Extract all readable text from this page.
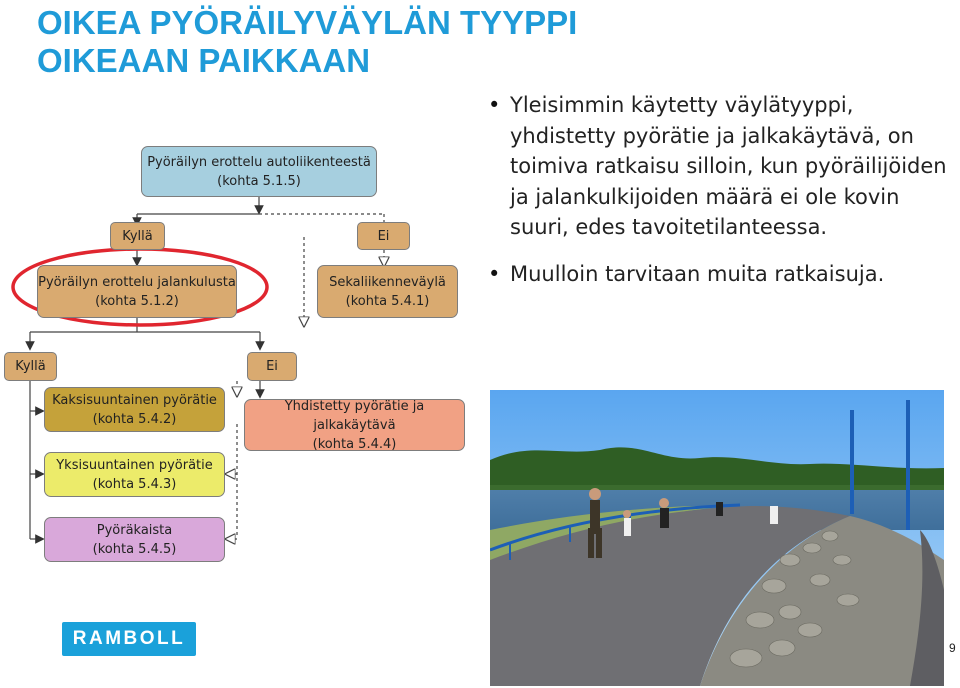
OIKEA PYÖRÄILYVÄYLÄN TYYPPI
OIKEAAN PAIKKAAN
Pyöräilyn erottelu autoliikenteestä
(kohta 5.1.5)
Kyllä	Ei
Pyöräilyn erottelu jalankulusta
(kohta 5.1.2)
Sekaliikenneväylä
(kohta 5.4.1)
Kyllä	Ei
Kaksisuuntainen pyörätie
(kohta 5.4.2)
Yhdistetty pyörätie ja jalkakäytävä
(kohta 5.4.4)
Yksisuuntainen pyörätie
(kohta 5.4.3)
Pyöräkaista
(kohta 5.4.5)
• Yleisimmin käytetty väylätyyppi, yhdistetty pyörätie ja jalkakäytävä, on toimiva ratkaisu silloin, kun pyöräilijöiden ja jalankulkijoiden määrä ei ole kovin suuri, edes tavoitetilanteessa.
• Muulloin tarvitaan muita ratkaisuja.
RAMBOLL	9
